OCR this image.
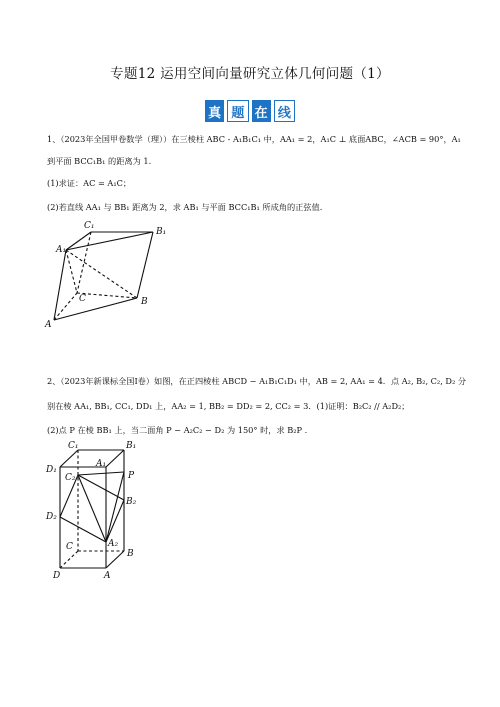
专题12 运用空间向量研究立体几何问题（1）
真 题 在 线
1、（2023年全国甲卷数学（理））在三棱柱 ABC - A₁B₁C₁ 中，AA₁ = 2，A₁C ⊥ 底面ABC，∠ACB = 90°，A₁
到平面 BCC₁B₁ 的距离为 1.
(1)求证：AC = A₁C；
(2)若直线 AA₁ 与 BB₁ 距离为 2，求 AB₁ 与平面 BCC₁B₁ 所成角的正弦值.
C₁
A₁
B₁
C	B
A
2、（2023年新课标全国Ⅰ卷）如图，在正四棱柱 ABCD − A₁B₁C₁D₁ 中，AB = 2, AA₁ = 4．点 A₂, B₂, C₂, D₂ 分
别在棱 AA₁, BB₁, CC₁, DD₁ 上，AA₂ = 1, BB₂ = DD₂ = 2, CC₂ = 3．(1)证明：B₂C₂ // A₂D₂；
(2)点 P 在棱 BB₁ 上，当二面角 P − A₂C₂ − D₂ 为 150° 时，求 B₂P .
C₁	B₁
D₁
A₁
C₂	P
B₂
D₂
A₂
C
B
D	A
